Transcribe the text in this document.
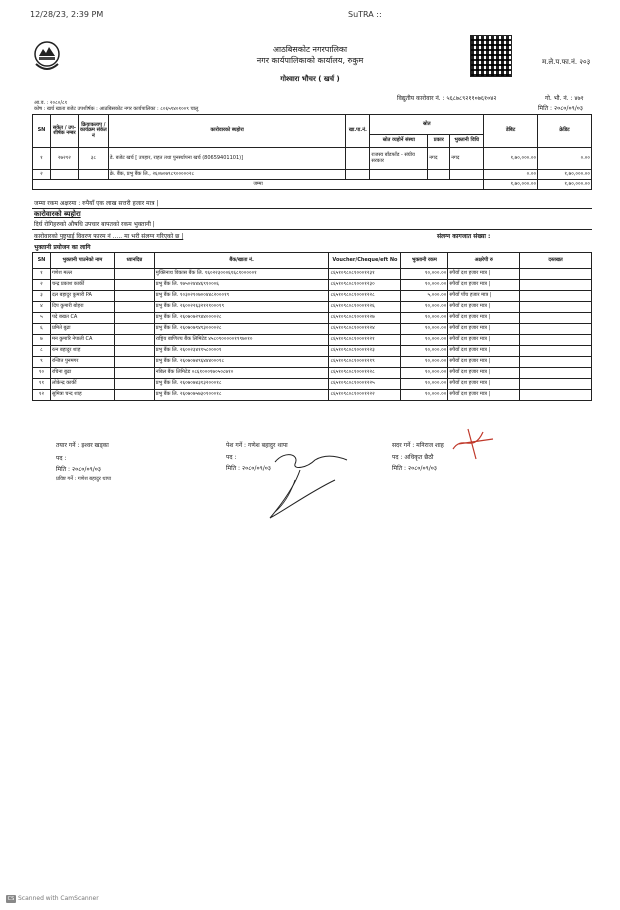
12/28/23, 2:39 PM	SuTRA ::
आठबिसकोट नगरपालिका
नगर कार्यपालिकाको कार्यालय, रुकुम	म.ले.प.फा.नं. २०३
गोश्वारा भौचर ( खर्च )
विद्युतीय कारोवार नं. : ५६८७८९२११०७६१०४२	गो. भौ. नं. : ४७१
आ.व. : २०८०/८१
कोष : खर्च खाता बजेट उपशीर्षक : आठबिसकोट नगर कार्यपालिका : ८०६५९४०१००९ चालु	मिति : २०८०/०९/०३
SN	सकेत / उप-शीर्षक नम्बर	क्रियाकलाप / कार्यक्रम संकेत नं	कारोवारको ब्यहोरा	खा.पा.नं.	स्रोत			डेबिट	क्रेडिट
					स्रोत व्यहोर्ने संस्था	प्रकार	भुक्तानी विधि		
१	२७२१२	३८	डे. बजेट खर्च [ उपहार, राहत तथा पुनर्स्थापना खर्च (80659401101)]		राजस्व बाँडफाँड - संघीय सरकार	नगद	नगद	१,७०,०००.००	०.००
२			क्रे. बैंक, प्रभु बैंक लि., २६०७०७९८९०००००२८					०.००	१,७०,०००.००
जम्मा								१,७०,०००.००	१,७०,०००.००
जम्मा रकम अक्षरमा : रुपैयाँ एक लाख सत्तरी हजार मात्र |
कारोवारको ब्यहोरा
दिर्घ रोगिहरुको औषधि उपचार बापतको रकम भुक्तानी |
कारोवारको पुष्ट्याई विवरण फारम नं ..... मा भरी संलग्न गरिएको छ |	संलग्न कागजात संख्या :
भुक्तानी प्रयोजन का लागि
SN	भुक्तानी पाउनेको नाम	ध्यानदिन्न	बैंक/खाता नं.	Voucher/Cheque/eft No	भुक्तानी रकम	अक्षरेपी रु	दस्तखत
१	गणेश मल्ल		मुक्तिनाथ विकास बैंक लि. १६०२२३०००६१६८१०००००१	८६५१०९८०८१०००१२३१	१०,०००.००	रुपैयाँ दश हजार मात्र |	
२	चन्द्र प्रकाश कार्की		प्रभु बैंक लि. १७५०२४४४६९१०००६	८६५१०९८०८१०००१२३०	१०,०००.००	रुपैयाँ दश हजार मात्र |	
३	दल बहादुर कुमारी PA		प्रभु बैंक लि. १०३०२१०७००४४८२०००१९	८६५१०९८०८१०००१२२८	५,०००.००	रुपैयाँ पाँच हजार मात्र |	
४	दिप कुमारी बोहरा		प्रभु बैंक लि. २६००२२६३२१२१०००१९	८६५१०९८०८१०००१२२६	१०,०००.००	रुपैयाँ दश हजार मात्र |	
५	पदे बखत CA		प्रभु बैंक लि. २६०७०७२९४४००००२८	८६५१०९८०८१०००१२२७	१०,०००.००	रुपैयाँ दश हजार मात्र |	
६	प्रमिते बुढा		प्रभु बैंक लि. २६०७०७९४९३००००२८	८६५१०९८०८१०००१२२४	१०,०००.००	रुपैयाँ दश हजार मात्र |	
७	मन कुमारि नेपाली CA		राष्ट्रिय बाणिज्य बैंक लिमिटेड ४५८०९०००००१९९७०१०	८६५१०९८०८१०००१२२१	१०,०००.००	रुपैयाँ दश हजार मात्र |	
८	रत्न बहादुर शाह		प्रभु बैंक लि. २६००२३४११५८००००१	८६५१०९८०८१०००१२२३	१०,०००.००	रुपैयाँ दश हजार मात्र |	
९	रन्जित पुनमगर		प्रभु बैंक लि. २६०७०७४९६४४४०००१८	८६५१०९८०८१०००१२१९	१०,०००.००	रुपैयाँ दश हजार मात्र |	
१०	रचिना बुढा		नबिल बैंक लिमिटेड ०८६१०००१७०५०८७१०	८६५१०९८०८१०००१२२८	१०,०००.००	रुपैयाँ दश हजार मात्र |	
११	लोकेन्द्र कार्की		प्रभु बैंक लि. २६०७०७४३१३२०००१८	८६५१०९८०८१०००१२२५	१०,०००.००	रुपैयाँ दश हजार मात्र |	
१२	सुमित्रा चन्द शाह		प्रभु बैंक लि. २६०७०७५७३०१०००१८	८६५१०९८०८१०००१२२२	१०,०००.००	रुपैयाँ दश हजार मात्र |	
तयार गर्ने : इश्वर खड्का
पद :
मिति : २०८०/०९/०३
प्रविष्ट गर्ने : गणेश बहादुर थापा
पेश गर्ने : गणेश बहादुर थापा
पद :
मिति : २०८०/०९/०३
सदर गर्ने : मनिराज शाह
पद : अधिकृत छैठौ
मिति : २०८०/०९/०३
CS Scanned with CamScanner
